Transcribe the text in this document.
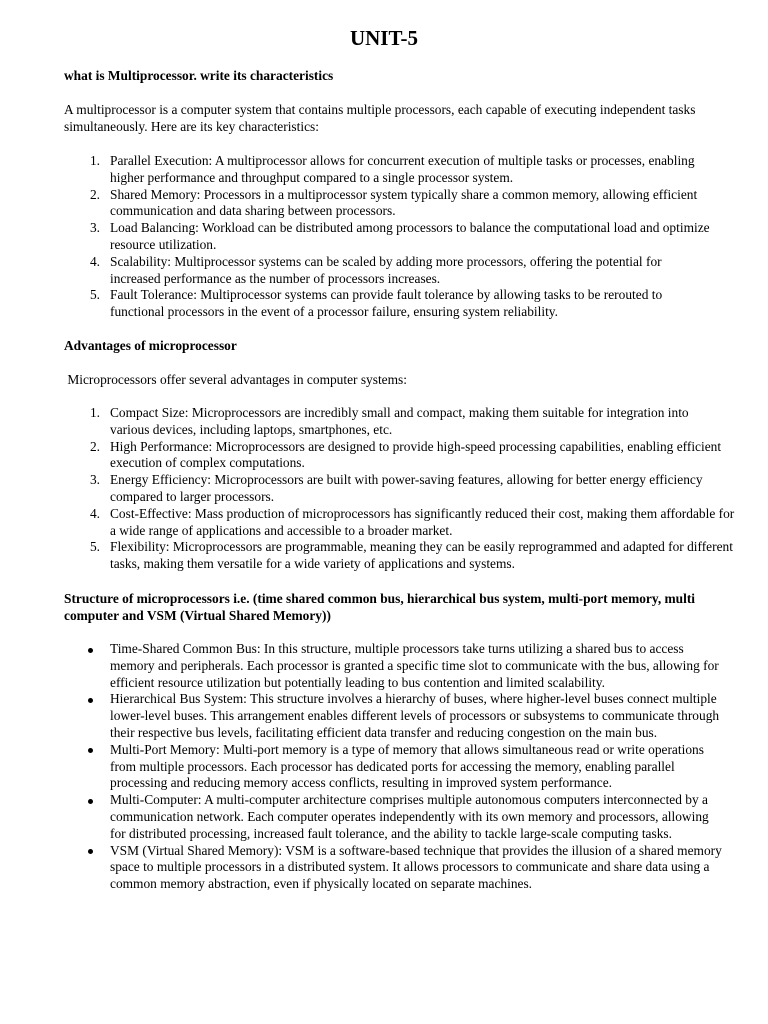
UNIT-5

what is Multiprocessor. write its characteristics

A multiprocessor is a computer system that contains multiple processors, each capable of executing independent tasks simultaneously. Here are its key characteristics:

1. Parallel Execution: A multiprocessor allows for concurrent execution of multiple tasks or processes, enabling higher performance and throughput compared to a single processor system.
2. Shared Memory: Processors in a multiprocessor system typically share a common memory, allowing efficient communication and data sharing between processors.
3. Load Balancing: Workload can be distributed among processors to balance the computational load and optimize resource utilization.
4. Scalability: Multiprocessor systems can be scaled by adding more processors, offering the potential for increased performance as the number of processors increases.
5. Fault Tolerance: Multiprocessor systems can provide fault tolerance by allowing tasks to be rerouted to functional processors in the event of a processor failure, ensuring system reliability.

Advantages of microprocessor

Microprocessors offer several advantages in computer systems:

1. Compact Size: Microprocessors are incredibly small and compact, making them suitable for integration into various devices, including laptops, smartphones, etc.
2. High Performance: Microprocessors are designed to provide high-speed processing capabilities, enabling efficient execution of complex computations.
3. Energy Efficiency: Microprocessors are built with power-saving features, allowing for better energy efficiency compared to larger processors.
4. Cost-Effective: Mass production of microprocessors has significantly reduced their cost, making them affordable for a wide range of applications and accessible to a broader market.
5. Flexibility: Microprocessors are programmable, meaning they can be easily reprogrammed and adapted for different tasks, making them versatile for a wide variety of applications and systems.

Structure of microprocessors i.e. (time shared common bus, hierarchical bus system, multi-port memory, multi computer and VSM (Virtual Shared Memory))

Time-Shared Common Bus: In this structure, multiple processors take turns utilizing a shared bus to access memory and peripherals. Each processor is granted a specific time slot to communicate with the bus, allowing for efficient resource utilization but potentially leading to bus contention and limited scalability.
Hierarchical Bus System: This structure involves a hierarchy of buses, where higher-level buses connect multiple lower-level buses. This arrangement enables different levels of processors or subsystems to communicate through their respective bus levels, facilitating efficient data transfer and reducing congestion on the main bus.
Multi-Port Memory: Multi-port memory is a type of memory that allows simultaneous read or write operations from multiple processors. Each processor has dedicated ports for accessing the memory, enabling parallel processing and reducing memory access conflicts, resulting in improved system performance.
Multi-Computer: A multi-computer architecture comprises multiple autonomous computers interconnected by a communication network. Each computer operates independently with its own memory and processors, allowing for distributed processing, increased fault tolerance, and the ability to tackle large-scale computing tasks.
VSM (Virtual Shared Memory): VSM is a software-based technique that provides the illusion of a shared memory space to multiple processors in a distributed system. It allows processors to communicate and share data using a common memory abstraction, even if physically located on separate machines.
